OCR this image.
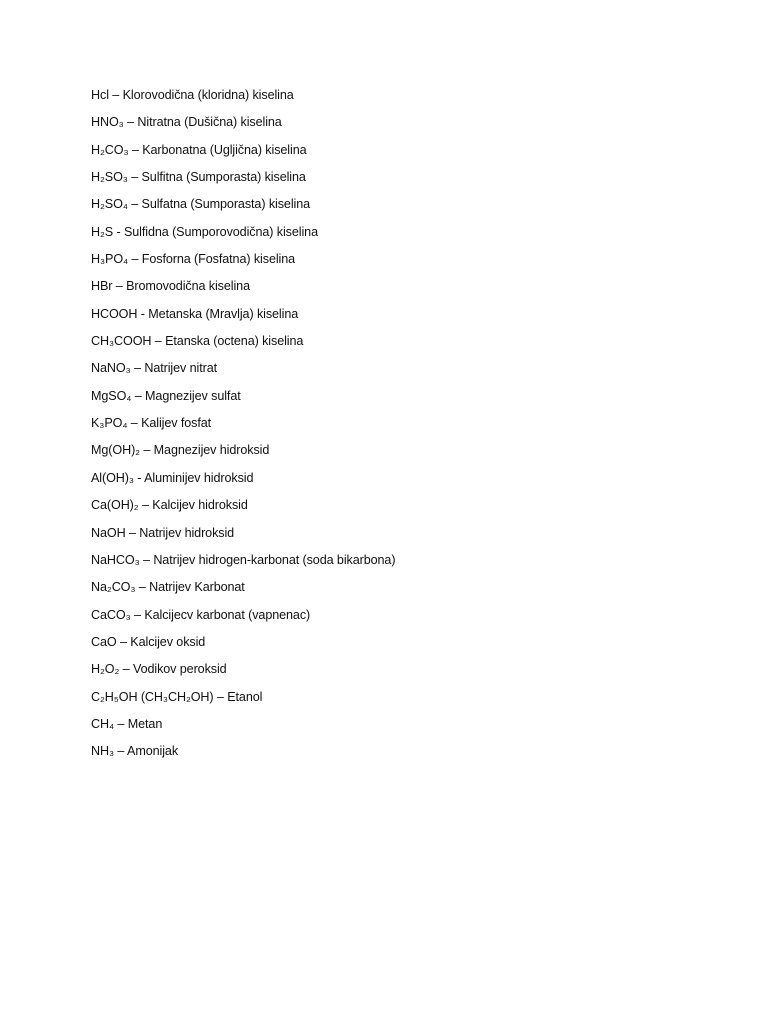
Hcl – Klorovodična (kloridna) kiselina
HNO₃ – Nitratna (Dušična) kiselina
H₂CO₃ – Karbonatna (Ugljična) kiselina
H₂SO₃ – Sulfitna (Sumporasta) kiselina
H₂SO₄ – Sulfatna (Sumporasta) kiselina
H₂S - Sulfidna (Sumporovodična) kiselina
H₃PO₄ – Fosforna (Fosfatna) kiselina
HBr – Bromovodična kiselina
HCOOH - Metanska (Mravlja) kiselina
CH₃COOH – Etanska (octena) kiselina
NaNO₃ – Natrijev nitrat
MgSO₄ – Magnezijev sulfat
K₃PO₄ – Kalijev fosfat
Mg(OH)₂ – Magnezijev hidroksid
Al(OH)₃ - Aluminijev hidroksid
Ca(OH)₂ – Kalcijev hidroksid
NaOH – Natrijev hidroksid
NaHCO₃ – Natrijev hidrogen-karbonat (soda bikarbona)
Na₂CO₃ – Natrijev Karbonat
CaCO₃ – Kalcijecv karbonat (vapnenac)
CaO – Kalcijev oksid
H₂O₂ – Vodikov peroksid
C₂H₅OH (CH₃CH₂OH) – Etanol
CH₄ – Metan
NH₃ – Amonijak
